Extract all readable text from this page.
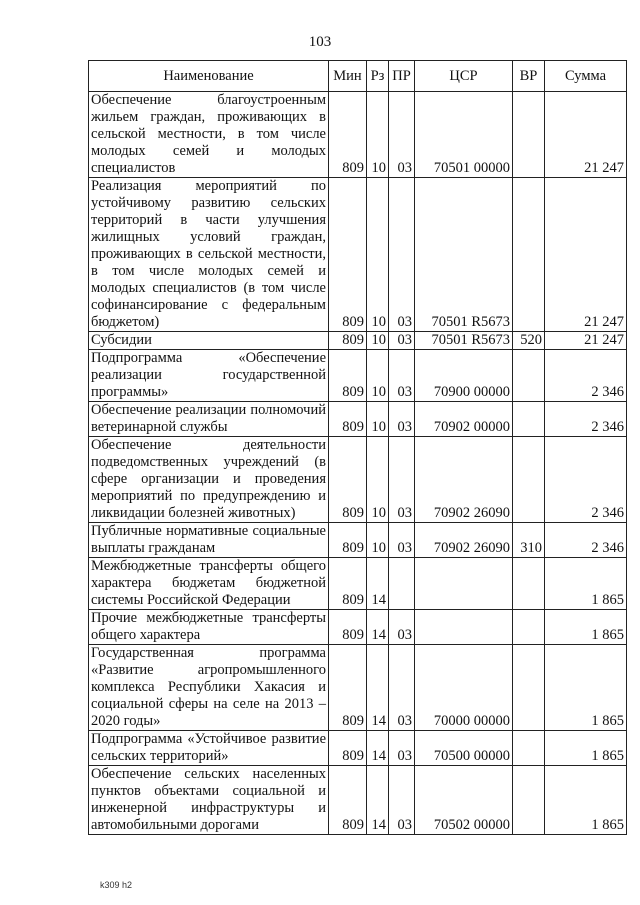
103
Наименование	Мин	Рз	ПР	ЦСР	ВР	Сумма
Обеспечение благоустроенным жильем граждан, проживающих в сельской местности, в том числе молодых семей и молодых специалистов	809	10	03	70501 00000		21 247
Реализация мероприятий по устойчивому развитию сельских территорий в части улучшения жилищных условий граждан, проживающих в сельской местности, в том числе молодых семей и молодых специалистов (в том числе софинансирование с федеральным бюджетом)	809	10	03	70501 R5673		21 247
Субсидии	809	10	03	70501 R5673	520	21 247
Подпрограмма «Обеспечение реализации государственной программы»	809	10	03	70900 00000		2 346
Обеспечение реализации полномочий ветеринарной службы	809	10	03	70902 00000		2 346
Обеспечение деятельности подведомственных учреждений (в сфере организации и проведения мероприятий по предупреждению и ликвидации болезней животных)	809	10	03	70902 26090		2 346
Публичные нормативные социальные выплаты гражданам	809	10	03	70902 26090	310	2 346
Межбюджетные трансферты общего характера бюджетам бюджетной системы Российской Федерации	809	14				1 865
Прочие межбюджетные трансферты общего характера	809	14	03			1 865
Государственная программа «Развитие агропромышленного комплекса Республики Хакасия и социальной сферы на селе на 2013 – 2020 годы»	809	14	03	70000 00000		1 865
Подпрограмма «Устойчивое развитие сельских территорий»	809	14	03	70500 00000		1 865
Обеспечение сельских населенных пунктов объектами социальной и инженерной инфраструктуры и автомобильными дорогами	809	14	03	70502 00000		1 865
k309 h2
